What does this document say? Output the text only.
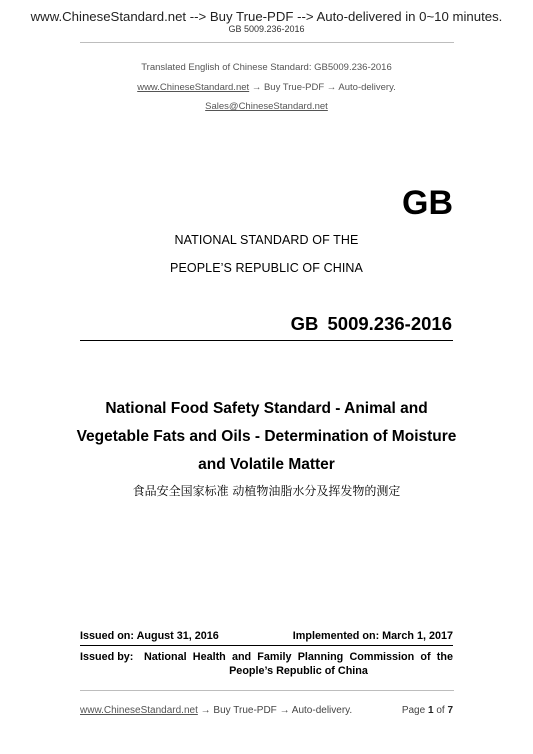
www.ChineseStandard.net --> Buy True-PDF --> Auto-delivered in 0~10 minutes.
GB 5009.236-2016
Translated English of Chinese Standard: GB5009.236-2016
www.ChineseStandard.net → Buy True-PDF → Auto-delivery.
Sales@ChineseStandard.net
GB
NATIONAL STANDARD OF THE
PEOPLE’S REPUBLIC OF CHINA
GB 5009.236-2016
National Food Safety Standard - Animal and Vegetable Fats and Oils - Determination of Moisture and Volatile Matter
食品安全国家标准 动植物油脂水分及挥发物的测定
Issued on: August 31, 2016	Implemented on: March 1, 2017
Issued by: National Health and Family Planning Commission of the People’s Republic of China
www.ChineseStandard.net → Buy True-PDF → Auto-delivery.	Page 1 of 7
